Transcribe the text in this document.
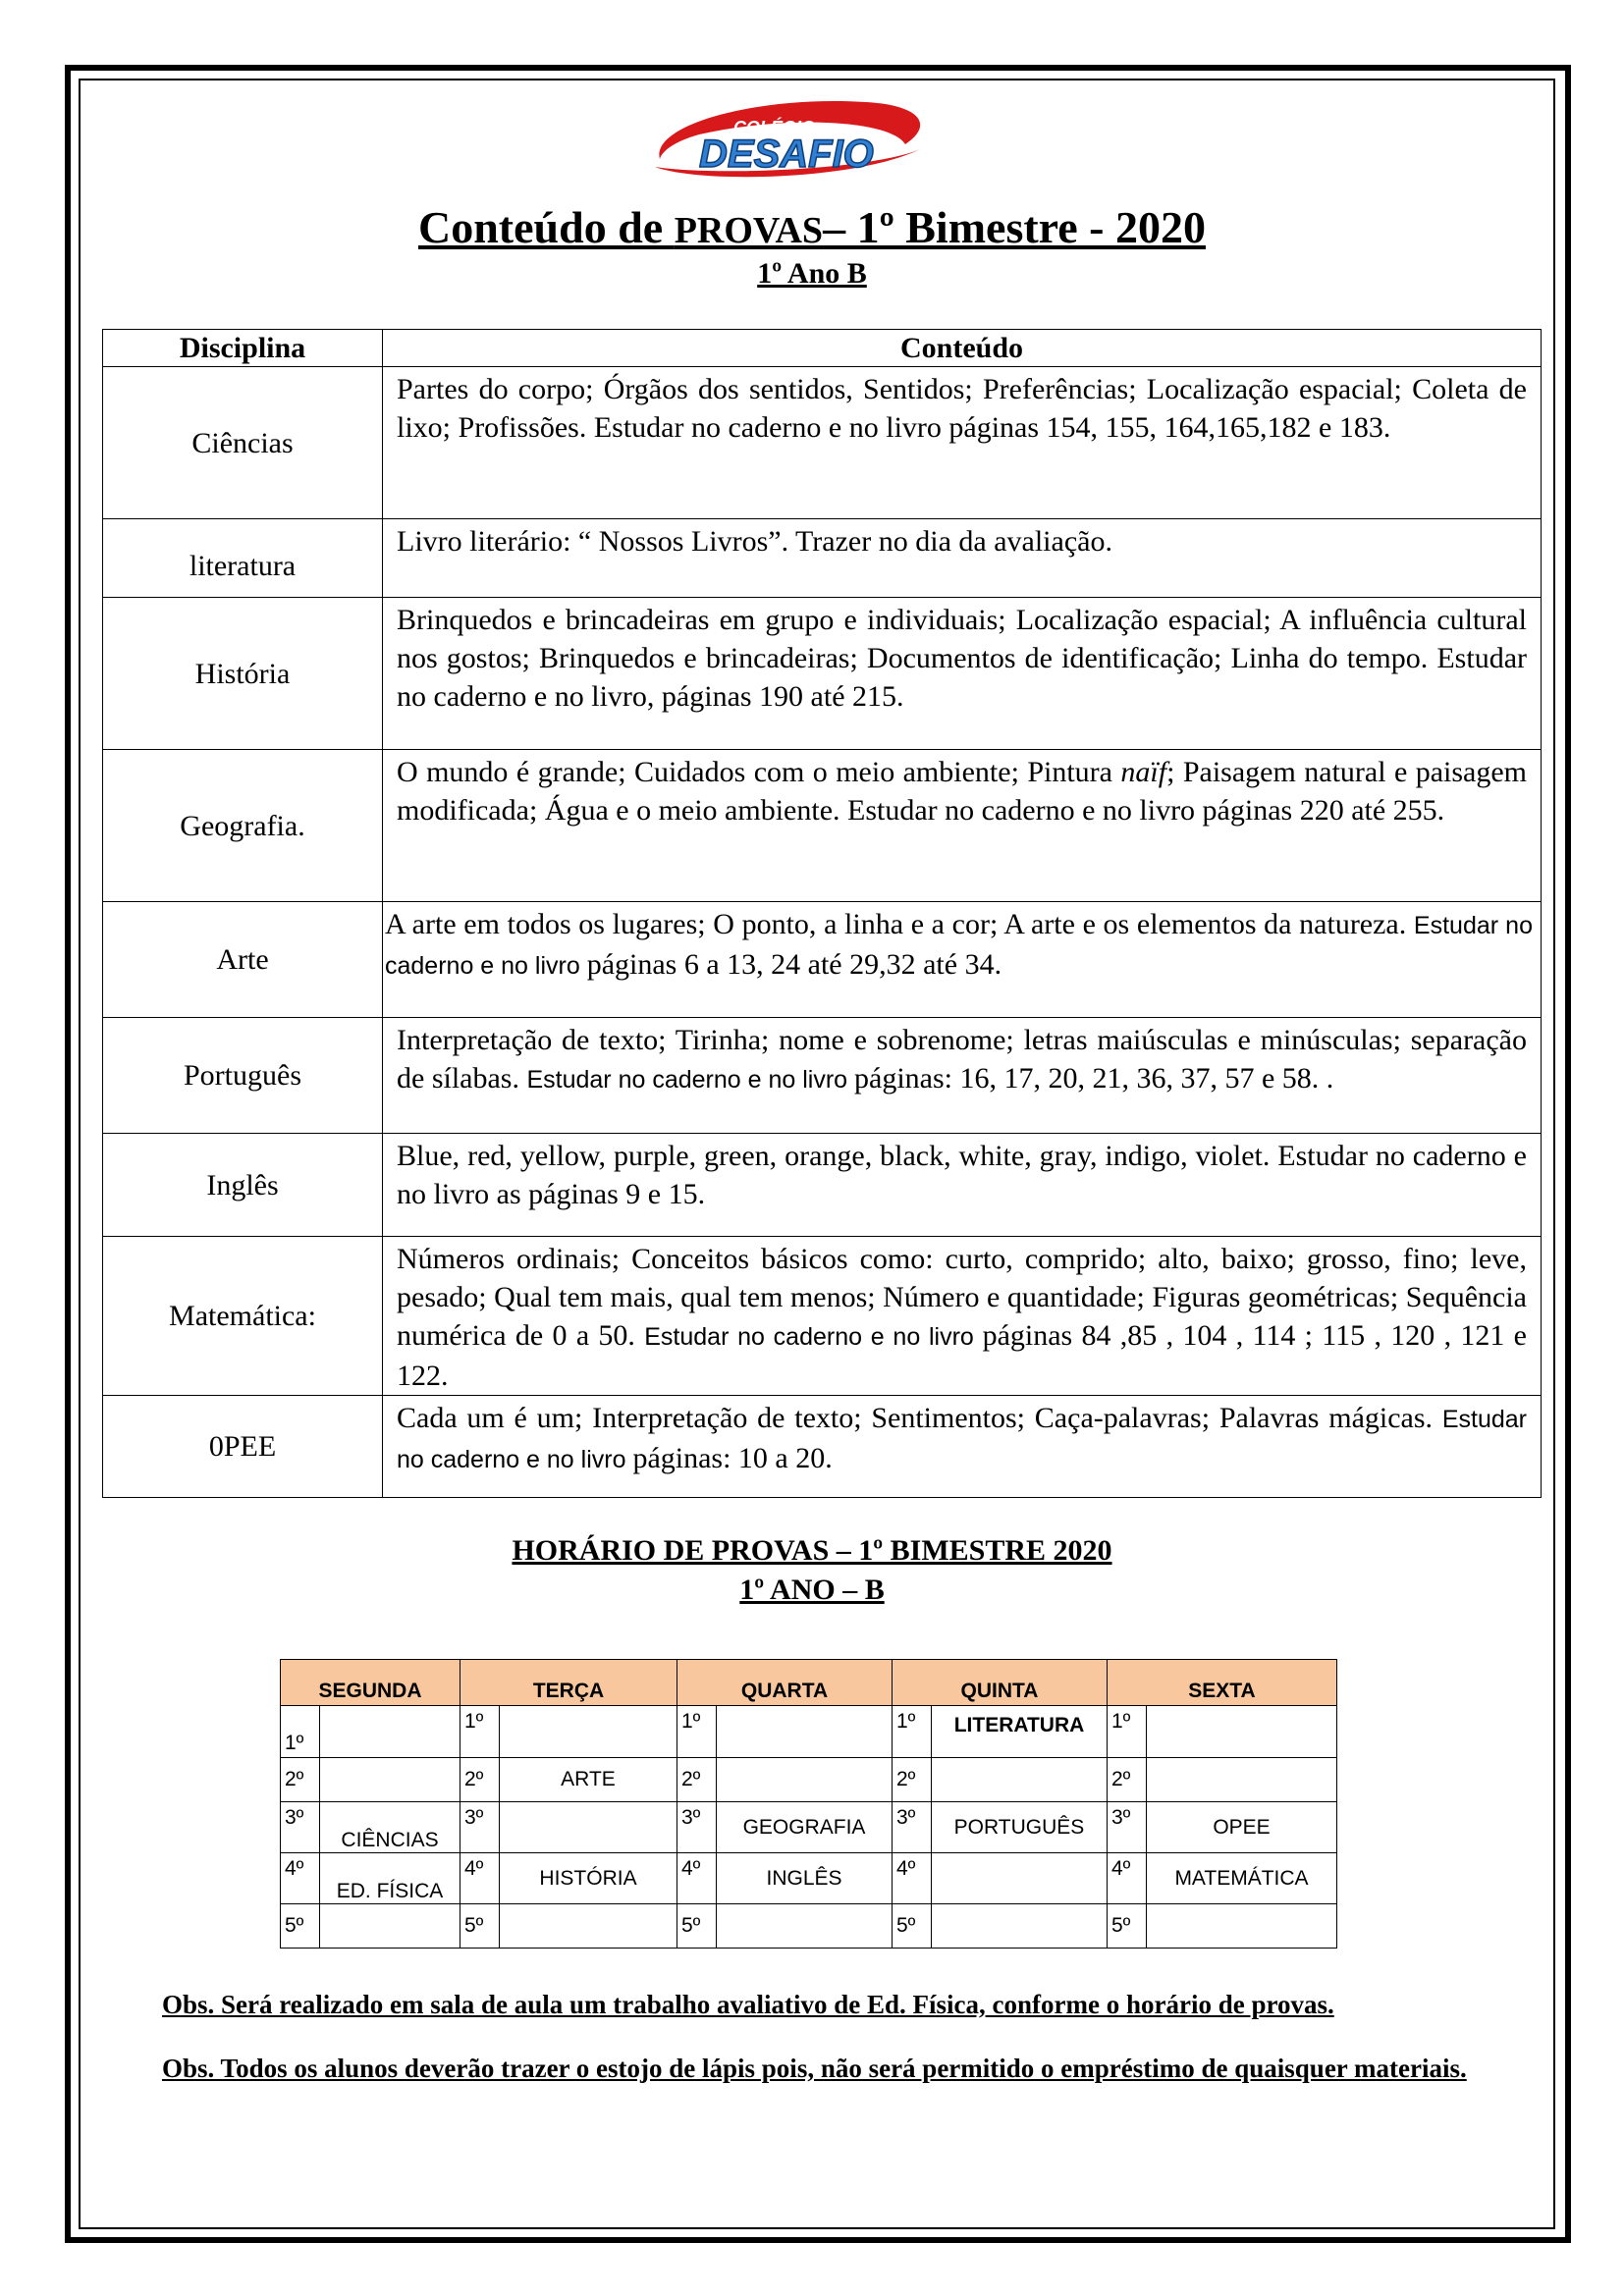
COLÉGIO
DESAFIO
Conteúdo de PROVAS– 1º Bimestre - 2020
1º Ano B
Disciplina	Conteúdo
Ciências	Partes do corpo; Órgãos dos sentidos, Sentidos; Preferências; Localização espacial; Coleta de lixo; Profissões. Estudar no caderno e no livro páginas 154, 155, 164,165,182 e 183.
literatura	Livro literário: “ Nossos Livros”. Trazer no dia da avaliação.
História	Brinquedos e brincadeiras em grupo e individuais; Localização espacial; A influência cultural nos gostos; Brinquedos e brincadeiras; Documentos de identificação; Linha do tempo. Estudar no caderno e no livro, páginas 190 até 215.
Geografia.	O mundo é grande; Cuidados com o meio ambiente; Pintura naïf; Paisagem natural e paisagem modificada; Água e o meio ambiente. Estudar no caderno e no livro páginas 220 até 255.
Arte	A arte em todos os lugares; O ponto, a linha e a cor; A arte e os elementos da natureza. Estudar no caderno e no livro páginas 6 a 13, 24 até 29,32 até 34.
Português	Interpretação de texto; Tirinha; nome e sobrenome; letras maiúsculas e minúsculas; separação de sílabas. Estudar no caderno e no livro páginas: 16, 17, 20, 21, 36, 37, 57 e 58. .
Inglês	Blue, red, yellow, purple, green, orange, black, white, gray, indigo, violet. Estudar no caderno e no livro as páginas 9 e 15.
Matemática:	Números ordinais; Conceitos básicos como: curto, comprido; alto, baixo; grosso, fino; leve, pesado; Qual tem mais, qual tem menos; Número e quantidade; Figuras geométricas; Sequência numérica de 0 a 50. Estudar no caderno e no livro páginas 84 ,85 , 104 , 114 ; 115 , 120 , 121 e 122.
0PEE	Cada um é um; Interpretação de texto; Sentimentos; Caça-palavras; Palavras mágicas. Estudar no caderno e no livro páginas: 10 a 20.
HORÁRIO DE PROVAS – 1º BIMESTRE 2020
1º ANO – B
SEGUNDA		TERÇA		QUARTA		QUINTA		SEXTA	
1º		1º		1º		1º	LITERATURA	1º	
2º		2º	ARTE	2º		2º		2º	
3º	CIÊNCIAS	3º		3º	GEOGRAFIA	3º	PORTUGUÊS	3º	OPEE
4º	ED. FÍSICA	4º	HISTÓRIA	4º	INGLÊS	4º		4º	MATEMÁTICA
5º		5º		5º		5º		5º	
Obs. Será realizado em sala de aula um trabalho avaliativo de Ed. Física, conforme o horário de provas.
Obs. Todos os alunos deverão trazer o estojo de lápis pois, não será permitido o empréstimo de quaisquer materiais.
